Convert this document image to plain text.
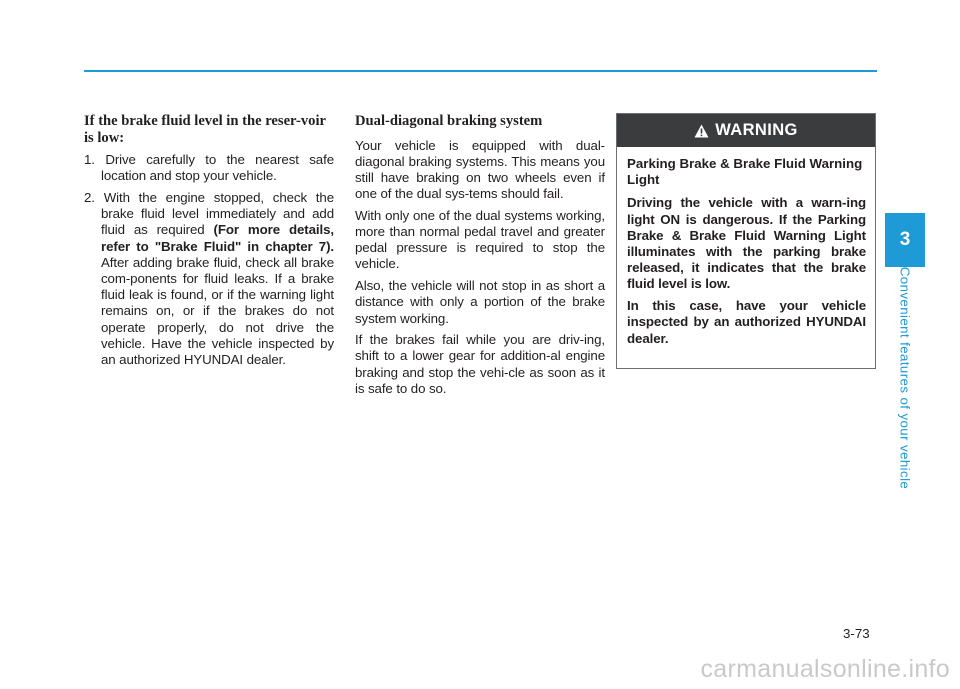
If the brake fluid level in the reser-voir is low:
1. Drive carefully to the nearest safe location and stop your vehicle.
2. With the engine stopped, check the brake fluid level immediately and add fluid as required (For more details, refer to "Brake Fluid" in chapter 7). After adding brake fluid, check all brake com-ponents for fluid leaks. If a brake fluid leak is found, or if the warning light remains on, or if the brakes do not operate properly, do not drive the vehicle. Have the vehicle inspected by an authorized HYUNDAI dealer.
Dual-diagonal braking system

Your vehicle is equipped with dual-diagonal braking systems. This means you still have braking on two wheels even if one of the dual sys-tems should fail.

With only one of the dual systems working, more than normal pedal travel and greater pedal pressure is required to stop the vehicle.

Also, the vehicle will not stop in as short a distance with only a portion of the brake system working.

If the brakes fail while you are driv-ing, shift to a lower gear for addition-al engine braking and stop the vehi-cle as soon as it is safe to do so.

WARNING

Parking Brake & Brake Fluid Warning Light

Driving the vehicle with a warn-ing light ON is dangerous. If the Parking Brake & Brake Fluid Warning Light illuminates with the parking brake released, it indicates that the brake fluid level is low.

In this case, have your vehicle inspected by an authorized HYUNDAI dealer.

3
Convenient features of your vehicle
3-73
carmanualsonline.info
